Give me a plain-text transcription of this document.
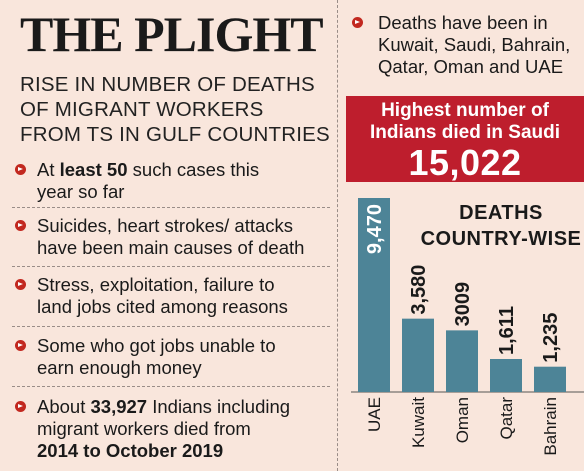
THE PLIGHT
RISE IN NUMBER OF DEATHS
OF MIGRANT WORKERS
FROM TS IN GULF COUNTRIES
At least 50 such cases this
year so far
Suicides, heart strokes/ attacks
have been main causes of death
Stress, exploitation, failure to
land jobs cited among reasons
Some who got jobs unable to
earn enough money
About 33,927 Indians including
migrant workers died from
2014 to October 2019
Deaths have been in
Kuwait, Saudi, Bahrain,
Qatar, Oman and UAE
Highest number of
Indians died in Saudi
15,022
DEATHS
COUNTRY-WISE
9,470
UAE
3,580
Kuwait
3009
Oman
1,611
Qatar
1,235
Bahrain
